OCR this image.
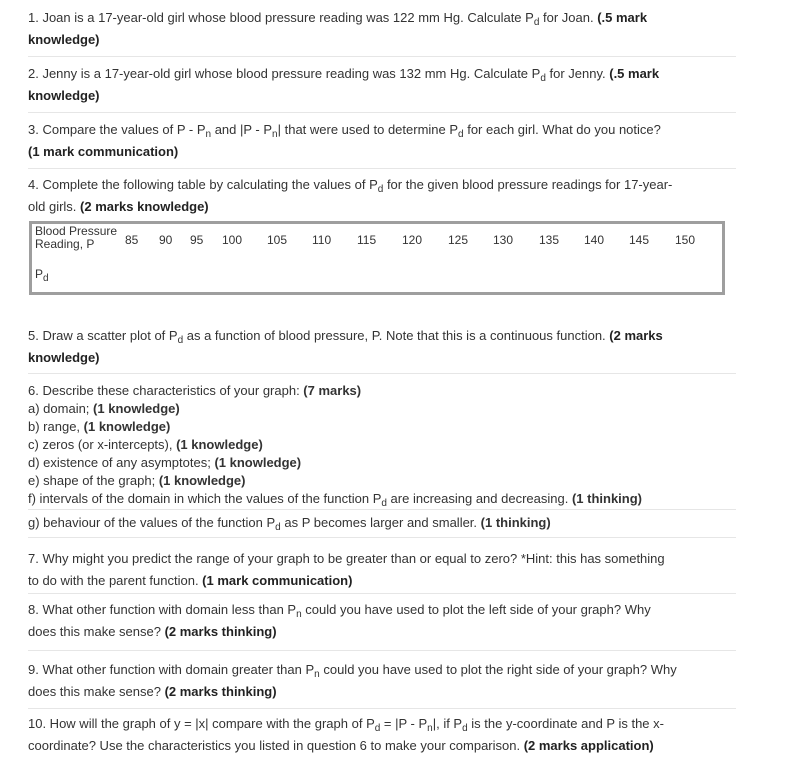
1. Joan is a 17-year-old girl whose blood pressure reading was 122 mm Hg. Calculate $P_d$ for Joan. (.5 mark
knowledge)
2. Jenny is a 17-year-old girl whose blood pressure reading was 132 mm Hg. Calculate $P_d$ for Jenny. (.5 mark
knowledge)
3. Compare the values of P - $P_n$ and $|P - P_n|$ that were used to determine $P_d$ for each girl. What do you notice?
(1 mark communication)
4. Complete the following table by calculating the values of $P_d$ for the given blood pressure readings for 17-year-
old girls. (2 marks knowledge)
Blood Pressure
Reading, P	85 90 95 100 105 110 115 120 125 130 135 140 145 150
$P_d$
5. Draw a scatter plot of $P_d$ as a function of blood pressure, P. Note that this is a continuous function. (2 marks
knowledge)
6. Describe these characteristics of your graph: (7 marks)
a) domain; (1 knowledge)
b) range, (1 knowledge)
c) zeros (or x-intercepts), (1 knowledge)
d) existence of any asymptotes; (1 knowledge)
e) shape of the graph; (1 knowledge)
f) intervals of the domain in which the values of the function $P_d$ are increasing and decreasing. (1 thinking)
g) behaviour of the values of the function $P_d$ as P becomes larger and smaller. (1 thinking)
7. Why might you predict the range of your graph to be greater than or equal to zero? *Hint: this has something
to do with the parent function. (1 mark communication)
8. What other function with domain less than $P_n$ could you have used to plot the left side of your graph? Why
does this make sense? (2 marks thinking)
9. What other function with domain greater than $P_n$ could you have used to plot the right side of your graph? Why
does this make sense? (2 marks thinking)
10. How will the graph of y = |x| compare with the graph of $P_d = |P - P_n|$, if $P_d$ is the y-coordinate and P is the x-
coordinate? Use the characteristics you listed in question 6 to make your comparison. (2 marks application)
